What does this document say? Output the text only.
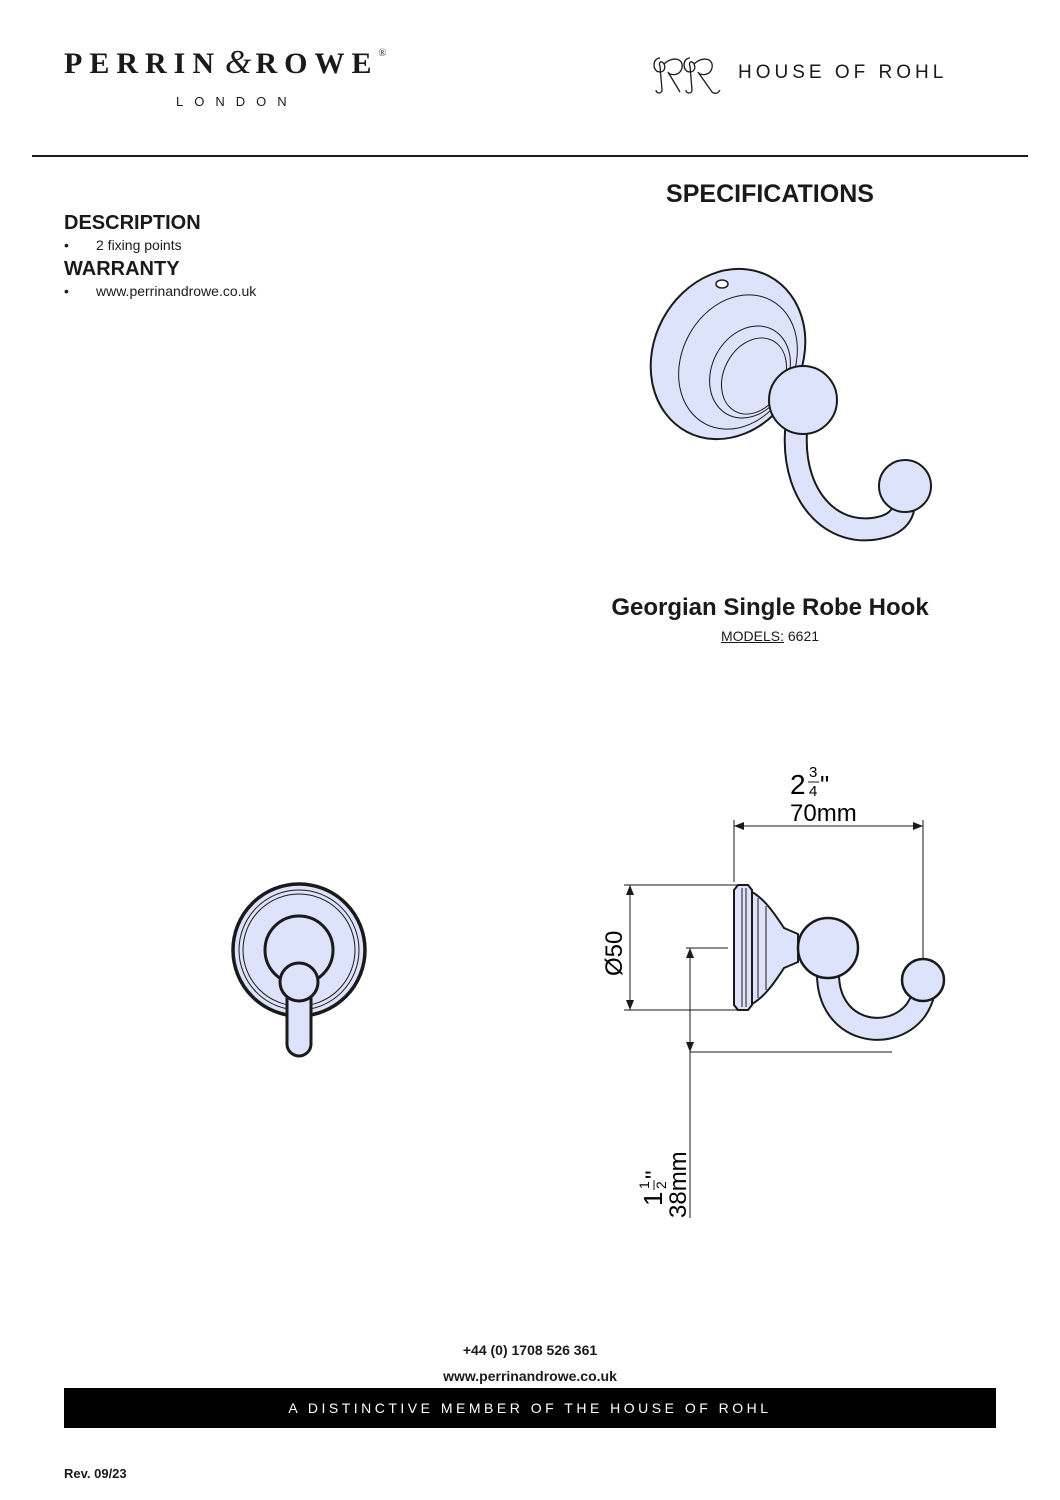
PERRIN & ROWE®
LONDON
HOUSE OF ROHL
DESCRIPTION
• 2 fixing points
WARRANTY
• www.perrinandrowe.co.uk
SPECIFICATIONS
Georgian Single Robe Hook
MODELS: 6621
2 3
4 "
70mm
Ø50
1
1 2
"
38mm
+44 (0) 1708 526 361
www.perrinandrowe.co.uk
A DISTINCTIVE MEMBER OF THE HOUSE OF ROHL
Rev. 09/23
